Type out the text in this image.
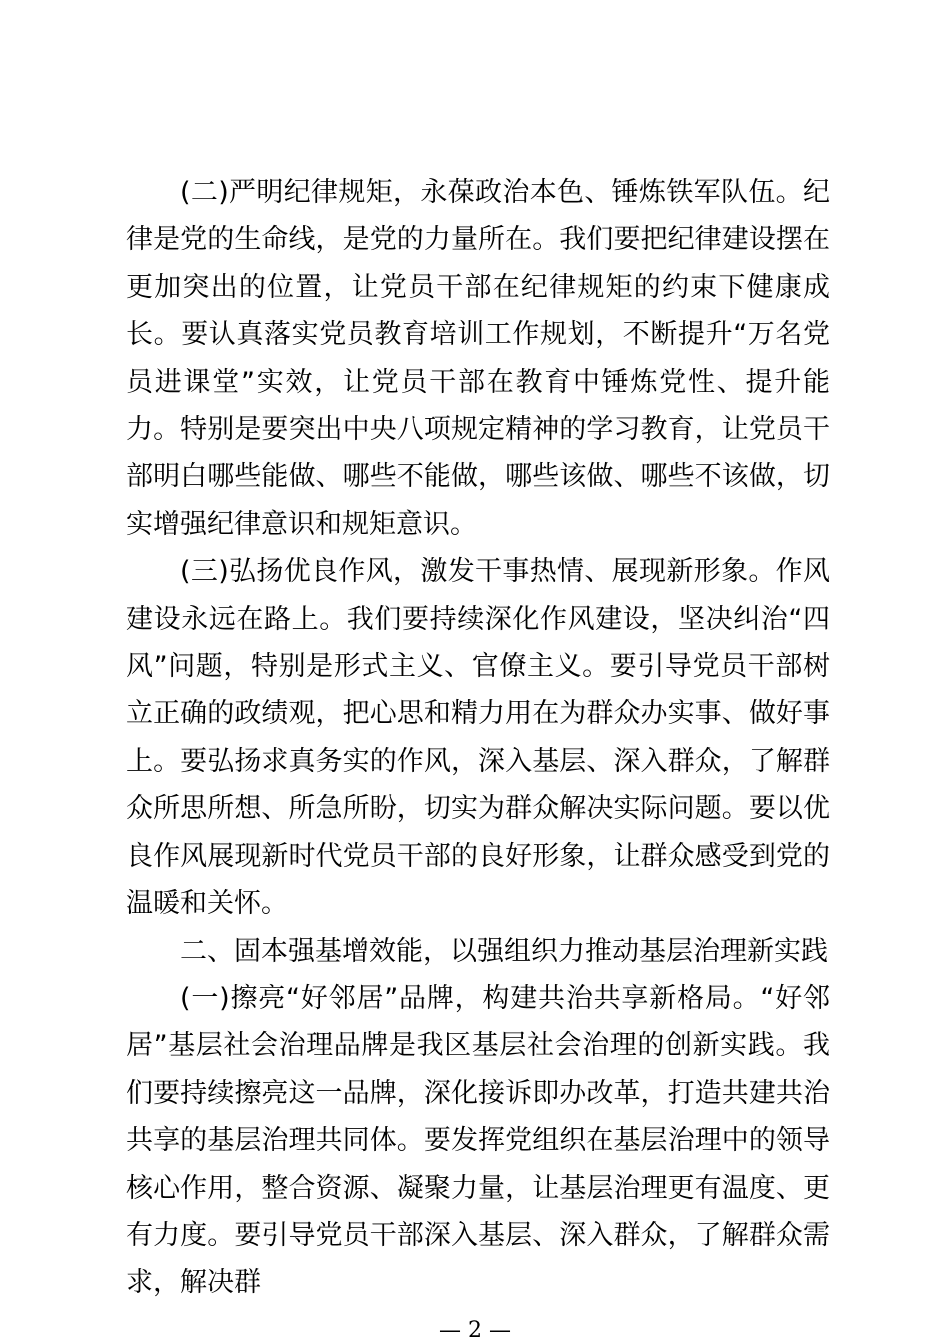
(二)严明纪律规矩，永葆政治本色、锤炼铁军队伍。纪律是党的生命线，是党的力量所在。我们要把纪律建设摆在更加突出的位置，让党员干部在纪律规矩的约束下健康成长。要认真落实党员教育培训工作规划，不断提升“万名党员进课堂”实效，让党员干部在教育中锤炼党性、提升能力。特别是要突出中央八项规定精神的学习教育，让党员干部明白哪些能做、哪些不能做，哪些该做、哪些不该做，切实增强纪律意识和规矩意识。

(三)弘扬优良作风，激发干事热情、展现新形象。作风建设永远在路上。我们要持续深化作风建设，坚决纠治“四风”问题，特别是形式主义、官僚主义。要引导党员干部树立正确的政绩观，把心思和精力用在为群众办实事、做好事上。要弘扬求真务实的作风，深入基层、深入群众，了解群众所思所想、所急所盼，切实为群众解决实际问题。要以优良作风展现新时代党员干部的良好形象，让群众感受到党的温暖和关怀。

二、固本强基增效能，以强组织力推动基层治理新实践

(一)擦亮“好邻居”品牌，构建共治共享新格局。“好邻居”基层社会治理品牌是我区基层社会治理的创新实践。我们要持续擦亮这一品牌，深化接诉即办改革，打造共建共治共享的基层治理共同体。要发挥党组织在基层治理中的领导核心作用，整合资源、凝聚力量，让基层治理更有温度、更有力度。要引导党员干部深入基层、深入群众，了解群众需求，解决群

— 2 —
